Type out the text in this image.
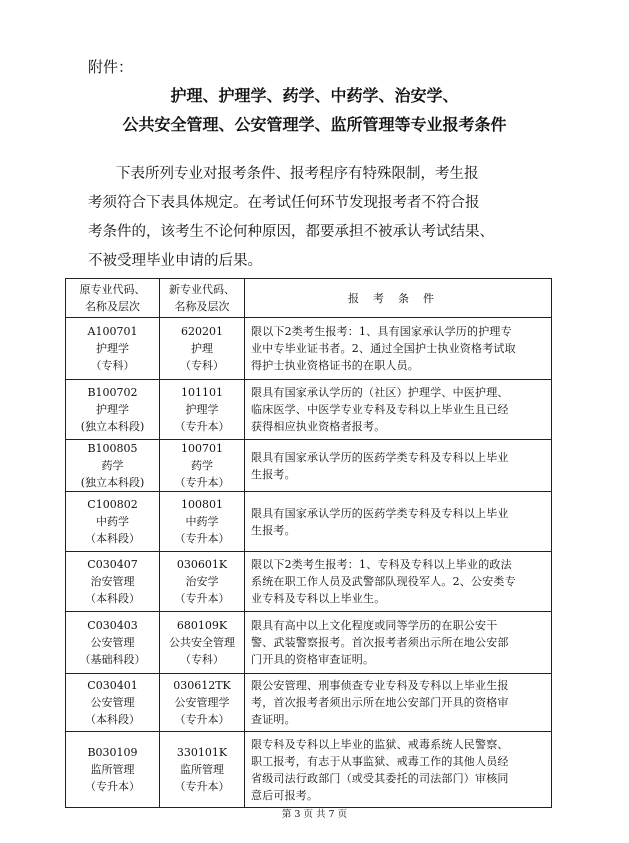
附件：
护理、护理学、药学、中药学、治安学、
公共安全管理、公安管理学、监所管理等专业报考条件
下表所列专业对报考条件、报考程序有特殊限制，考生报
考须符合下表具体规定。在考试任何环节发现报考者不符合报
考条件的，该考生不论何种原因，都要承担不被承认考试结果、
不被受理毕业申请的后果。
原专业代码、
名称及层次	新专业代码、
名称及层次	报考条件

A100701
护理学
（专科）	620201
护理
（专科）	限以下2类考生报考：1、具有国家承认学历的护理专
业中专毕业证书者。2、通过全国护士执业资格考试取
得护士执业资格证书的在职人员。

B100702
护理学
(独立本科段)	101101
护理学
（专升本）	限具有国家承认学历的（社区）护理学、中医护理、
临床医学、中医学专业专科及专科以上毕业生且已经
获得相应执业资格者报考。

B100805
药学
(独立本科段)	100701
药学
（专升本）	限具有国家承认学历的医药学类专科及专科以上毕业
生报考。

C100802
中药学
（本科段）	100801
中药学
（专升本）	限具有国家承认学历的医药学类专科及专科以上毕业
生报考。

C030407
治安管理
（本科段）	030601K
治安学
（专升本）	限以下2类考生报考：1、专科及专科以上毕业的政法
系统在职工作人员及武警部队现役军人。2、公安类专
业专科及专科以上毕业生。

C030403
公安管理
（基础科段）	680109K
公共安全管理
（专科）	限具有高中以上文化程度或同等学历的在职公安干
警、武装警察报考。首次报考者须出示所在地公安部
门开具的资格审查证明。

C030401
公安管理
（本科段）	030612TK
公安管理学
（专升本）	限公安管理、刑事侦查专业专科及专科以上毕业生报
考，首次报考者须出示所在地公安部门开具的资格审
查证明。

B030109
监所管理
（专升本）	330101K
监所管理
（专升本）	限专科及专科以上毕业的监狱、戒毒系统人民警察、
职工报考，有志于从事监狱、戒毒工作的其他人员经
省级司法行政部门（或受其委托的司法部门）审核同
意后可报考。
第 3 页 共 7 页
